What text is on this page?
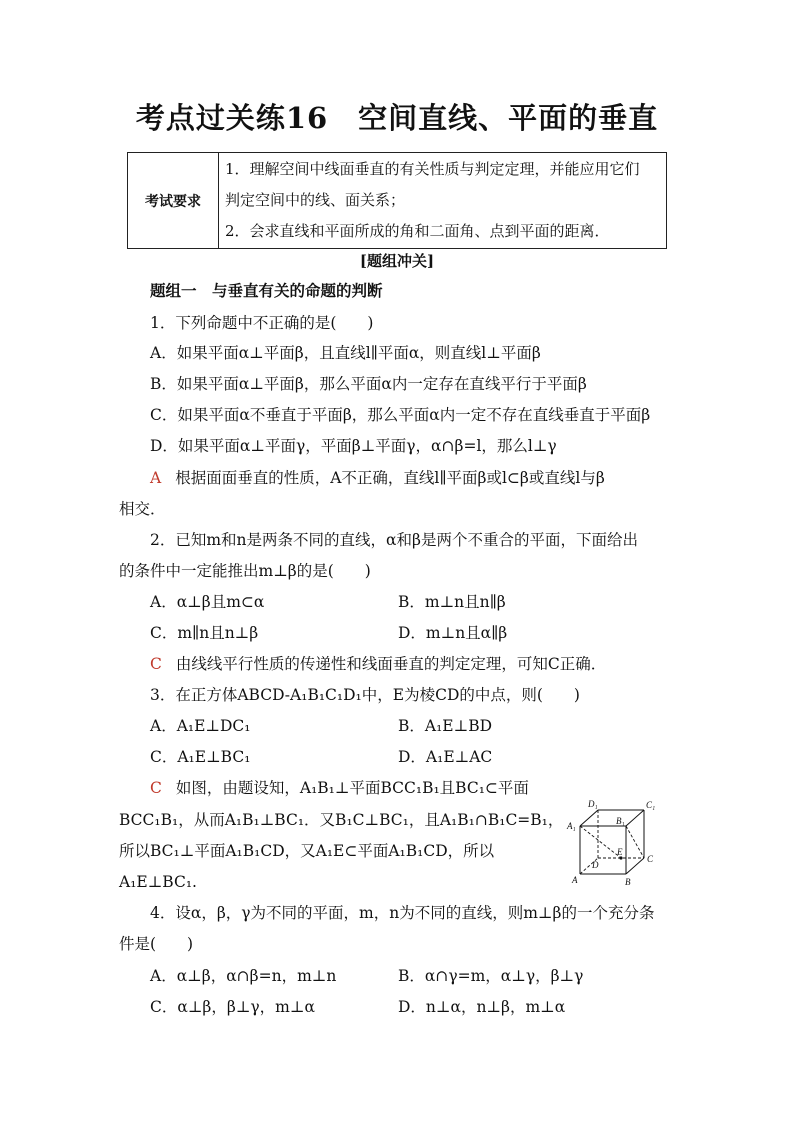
考点过关练16　空间直线、平面的垂直
考试要求	
1．理解空间中线面垂直的有关性质与判定定理，并能应用它们
判定空间中的线、面关系；
2．会求直线和平面所成的角和二面角、点到平面的距离．
[题组冲关]
题组一　与垂直有关的命题的判断
1．下列命题中不正确的是(　　)
A．如果平面α⊥平面β，且直线l∥平面α，则直线l⊥平面β
B．如果平面α⊥平面β，那么平面α内一定存在直线平行于平面β
C．如果平面α不垂直于平面β，那么平面α内一定不存在直线垂直于平面β
D．如果平面α⊥平面γ，平面β⊥平面γ，α∩β=l，那么l⊥γ
A 根据面面垂直的性质，A不正确，直线l∥平面β或l⊂β或直线l与β
相交．
2．已知m和n是两条不同的直线，α和β是两个不重合的平面，下面给出
的条件中一定能推出m⊥β的是(　　)
A．α⊥β且m⊂α	B．m⊥n且n∥β
C．m∥n且n⊥β	D．m⊥n且α∥β
C 由线线平行性质的传递性和线面垂直的判定定理，可知C正确．
3．在正方体ABCD-A₁B₁C₁D₁中，E为棱CD的中点，则(　　)
A．A₁E⊥DC₁	B．A₁E⊥BD
C．A₁E⊥BC₁	D．A₁E⊥AC
C 如图，由题设知，A₁B₁⊥平面BCC₁B₁且BC₁⊂平面
BCC₁B₁，从而A₁B₁⊥BC₁．又B₁C⊥BC₁，且A₁B₁∩B₁C=B₁，
所以BC₁⊥平面A₁B₁CD，又A₁E⊂平面A₁B₁CD，所以
A₁E⊥BC₁.
D₁	C₁
A₁	B₁
D
C
A	B
E
4．设α，β，γ为不同的平面，m，n为不同的直线，则m⊥β的一个充分条
件是(　　)
A．α⊥β，α∩β=n，m⊥n	B．α∩γ=m，α⊥γ，β⊥γ
C．α⊥β，β⊥γ，m⊥α	D．n⊥α，n⊥β，m⊥α
